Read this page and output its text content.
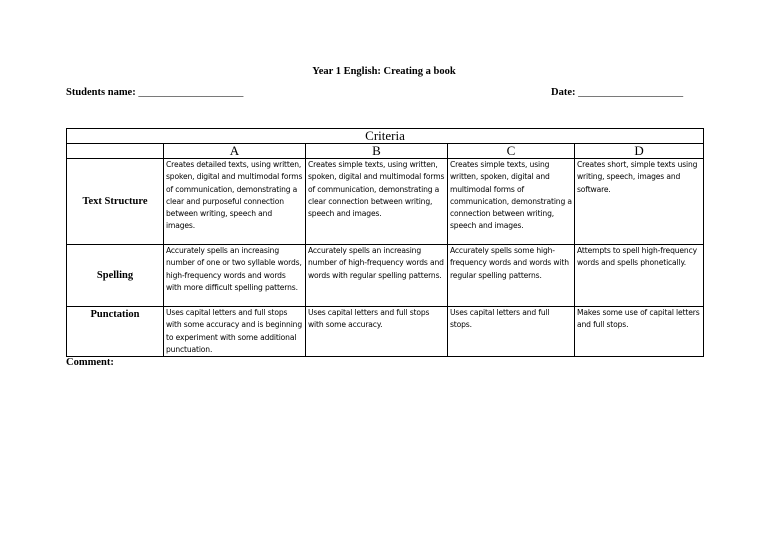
Year 1 English: Creating a book
Students name: ____________________	Date: ____________________
Criteria				
	A	B	C	D
Text Structure	Creates detailed texts, using written, spoken, digital and multimodal forms of communication, demonstrating a clear and purposeful connection between writing, speech and images.	Creates simple texts, using written, spoken, digital and multimodal forms of communication, demonstrating a clear connection between writing, speech and images.	Creates simple texts, using written, spoken, digital and multimodal forms of communication, demonstrating a connection between writing, speech and images.	Creates short, simple texts using writing, speech, images and software.
Spelling	Accurately spells an increasing number of one or two syllable words, high-frequency words and words with more difficult spelling patterns.	Accurately spells an increasing number of high-frequency words and words with regular spelling patterns.	Accurately spells some high-frequency words and words with regular spelling patterns.	Attempts to spell high-frequency words and spells phonetically.
Punctation	Uses capital letters and full stops with some accuracy and is beginning to experiment with some additional punctuation.	Uses capital letters and full stops with some accuracy.	Uses capital letters and full stops.	Makes some use of capital letters and full stops.
Comment:
